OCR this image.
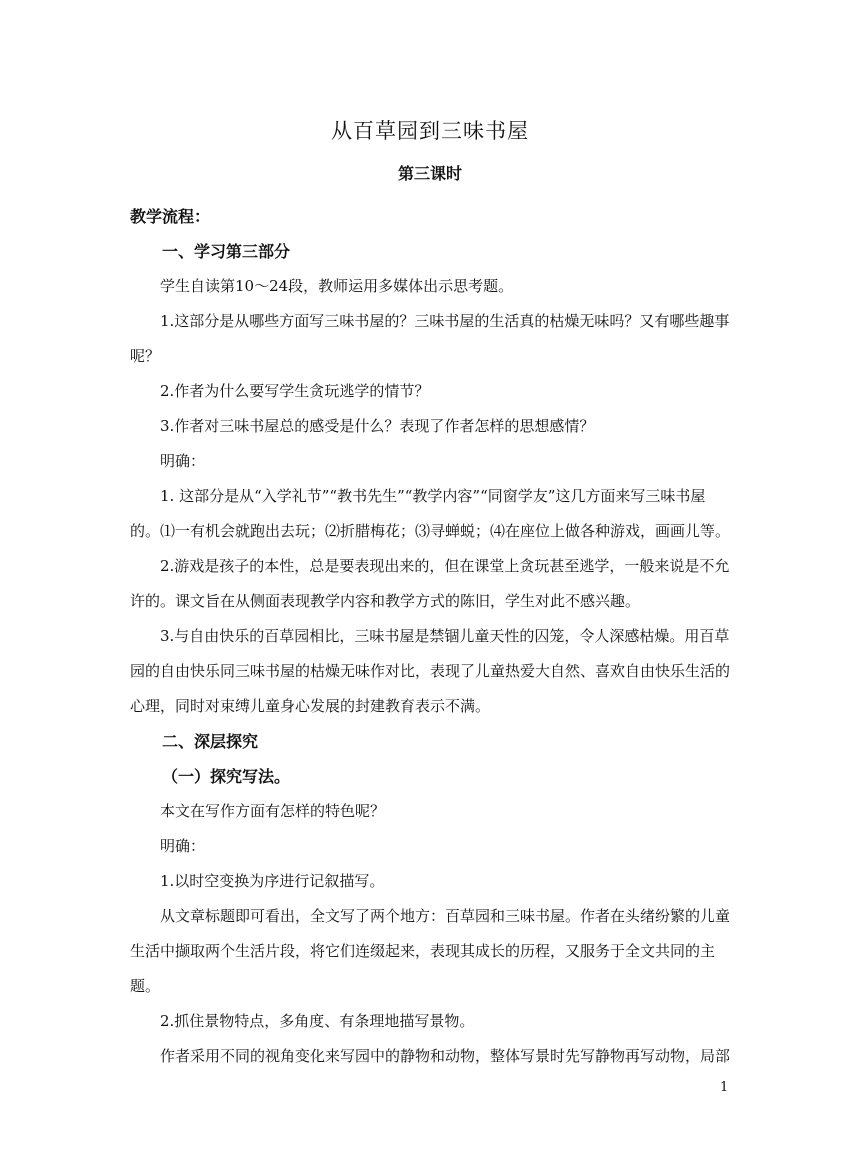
从百草园到三味书屋
第三课时

教学流程：

一、学习第三部分

学生自读第10～24段，教师运用多媒体出示思考题。

1.这部分是从哪些方面写三味书屋的？三味书屋的生活真的枯燥无味吗？又有哪些趣事呢？

2.作者为什么要写学生贪玩逃学的情节？

3.作者对三味书屋总的感受是什么？表现了作者怎样的思想感情？

明确：

1. 这部分是从“入学礼节”“教书先生”“教学内容”“同窗学友”这几方面来写三味书屋的。⑴一有机会就跑出去玩；⑵折腊梅花；⑶寻蝉蜕；⑷在座位上做各种游戏，画画儿等。

2.游戏是孩子的本性，总是要表现出来的，但在课堂上贪玩甚至逃学，一般来说是不允许的。课文旨在从侧面表现教学内容和教学方式的陈旧，学生对此不感兴趣。

3.与自由快乐的百草园相比，三味书屋是禁锢儿童天性的囚笼，令人深感枯燥。用百草园的自由快乐同三味书屋的枯燥无味作对比，表现了儿童热爱大自然、喜欢自由快乐生活的心理，同时对束缚儿童身心发展的封建教育表示不满。

二、深层探究

（一）探究写法。

本文在写作方面有怎样的特色呢？

明确：

1.以时空变换为序进行记叙描写。

从文章标题即可看出，全文写了两个地方：百草园和三味书屋。作者在头绪纷繁的儿童生活中撷取两个生活片段，将它们连缀起来，表现其成长的历程，又服务于全文共同的主题。

2.抓住景物特点，多角度、有条理地描写景物。

作者采用不同的视角变化来写园中的静物和动物，整体写景时先写静物再写动物，局部

1
